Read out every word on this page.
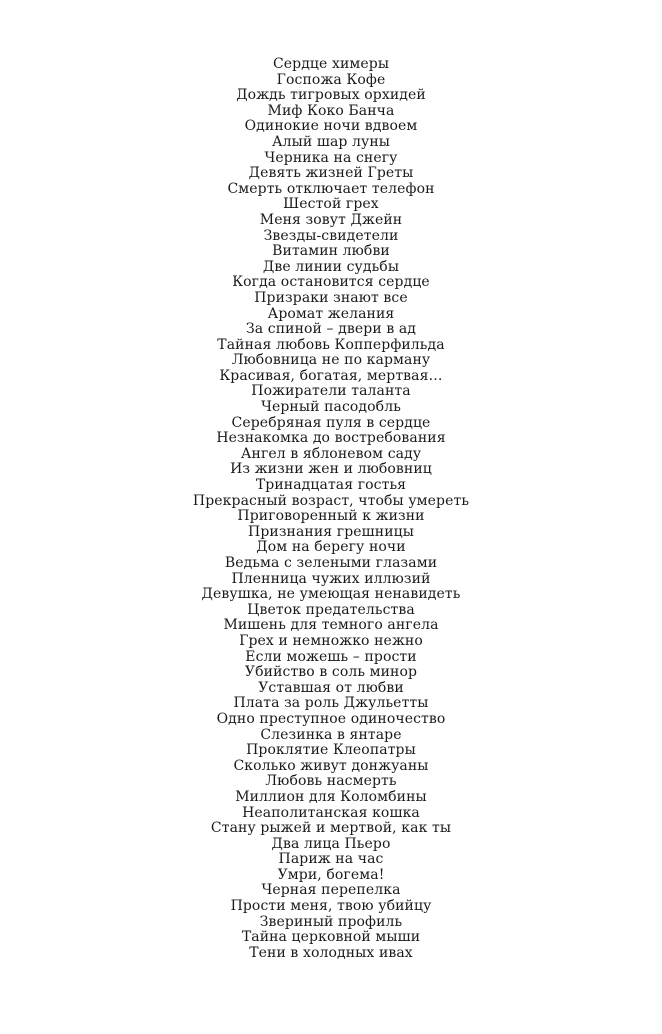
Сердце химеры
Госпожа Кофе
Дождь тигровых орхидей
Миф Коко Банча
Одинокие ночи вдвоем
Алый шар луны
Черника на снегу
Девять жизней Греты
Смерть отключает телефон
Шестой грех
Меня зовут Джейн
Звезды-свидетели
Витамин любви
Две линии судьбы
Когда остановится сердце
Призраки знают все
Аромат желания
За спиной – двери в ад
Тайная любовь Копперфильда
Любовница не по карману
Красивая, богатая, мертвая…
Пожиратели таланта
Черный пасодобль
Серебряная пуля в сердце
Незнакомка до востребования
Ангел в яблоневом саду
Из жизни жен и любовниц
Тринадцатая гостья
Прекрасный возраст, чтобы умереть
Приговоренный к жизни
Признания грешницы
Дом на берегу ночи
Ведьма с зелеными глазами
Пленница чужих иллюзий
Девушка, не умеющая ненавидеть
Цветок предательства
Мишень для темного ангела
Грех и немножко нежно
Если можешь – прости
Убийство в соль минор
Уставшая от любви
Плата за роль Джульетты
Одно преступное одиночество
Слезинка в янтаре
Проклятие Клеопатры
Сколько живут донжуаны
Любовь насмерть
Миллион для Коломбины
Неаполитанская кошка
Стану рыжей и мертвой, как ты
Два лица Пьеро
Париж на час
Умри, богема!
Черная перепелка
Прости меня, твою убийцу
Звериный профиль
Тайна церковной мыши
Тени в холодных ивах
